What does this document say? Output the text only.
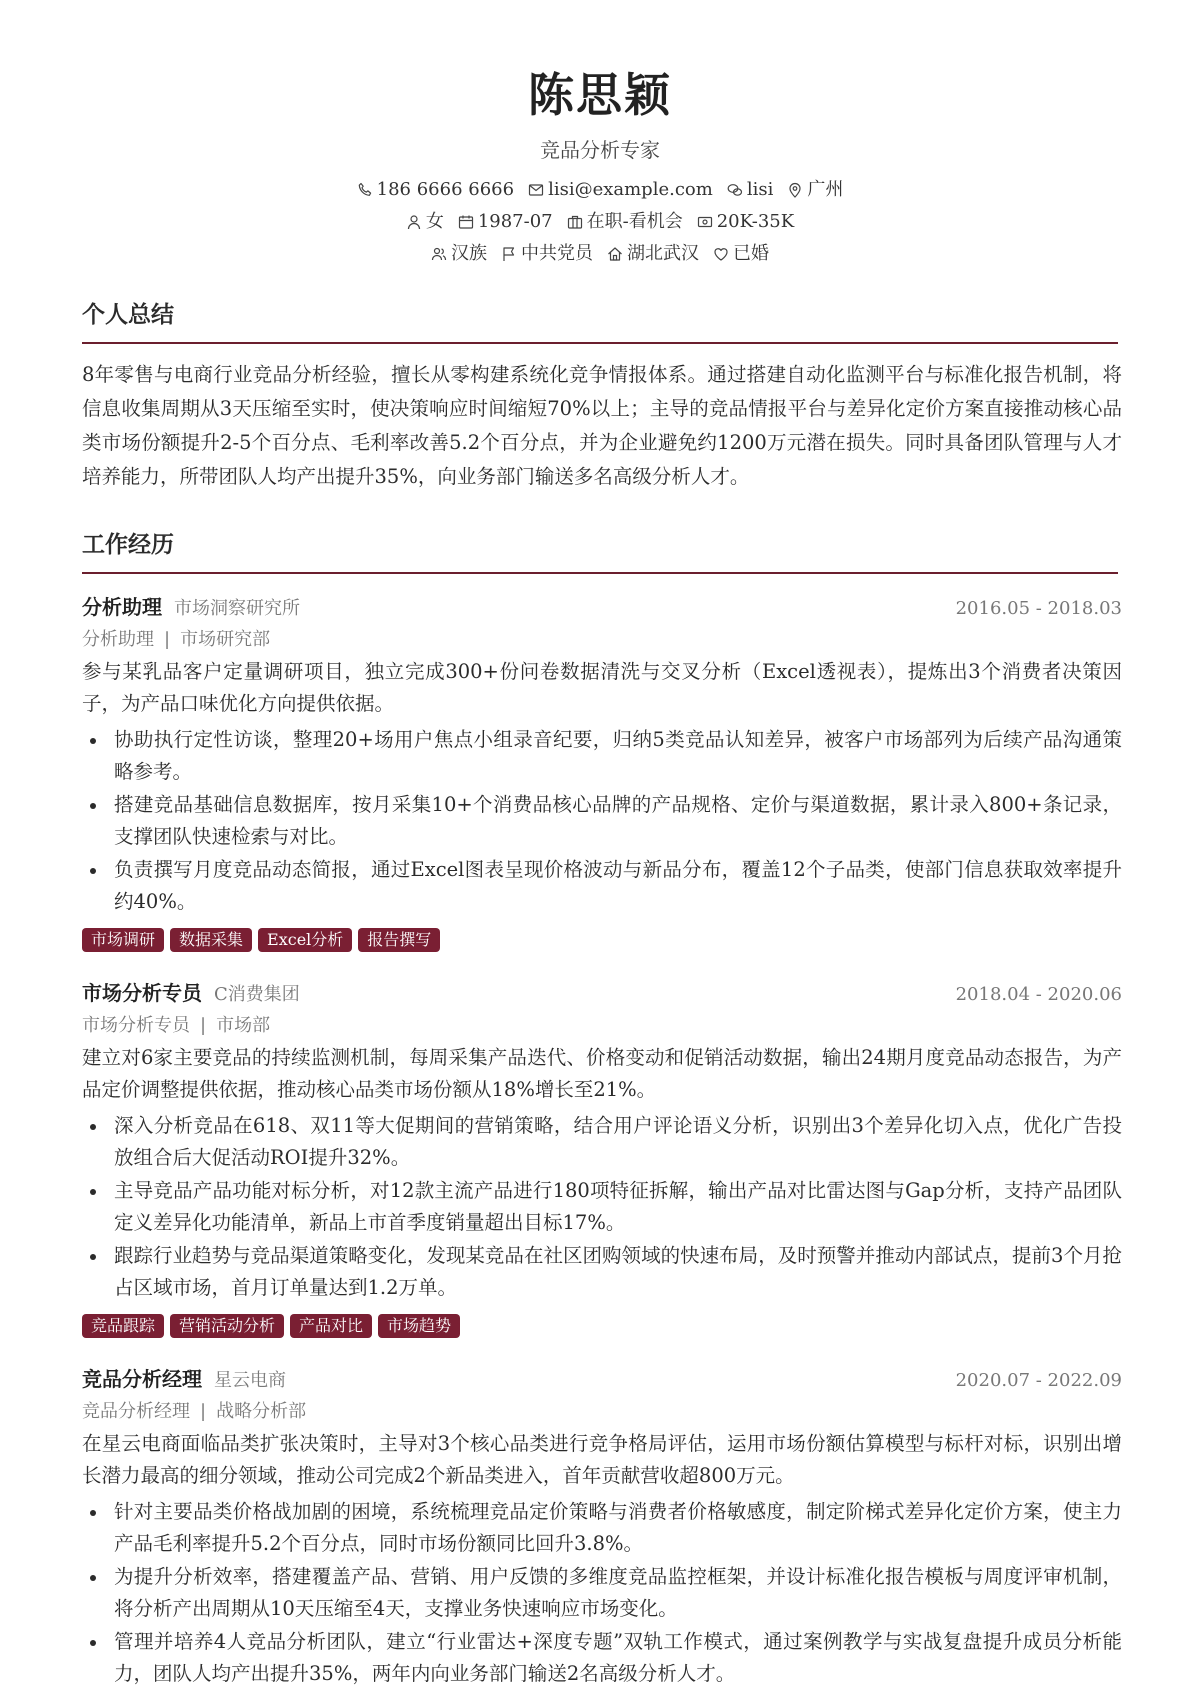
陈思颖
竞品分析专家
186 6666 6666 lisi@example.com lisi 广州
女 1987-07 在职-看机会 20K-35K
汉族 中共党员 湖北武汉 已婚
个人总结
8年零售与电商行业竞品分析经验，擅长从零构建系统化竞争情报体系。通过搭建自动化监测平台与标准化报告机制，将信息收集周期从3天压缩至实时，使决策响应时间缩短70%以上；主导的竞品情报平台与差异化定价方案直接推动核心品类市场份额提升2-5个百分点、毛利率改善5.2个百分点，并为企业避免约1200万元潜在损失。同时具备团队管理与人才培养能力，所带团队人均产出提升35%，向业务部门输送多名高级分析人才。
工作经历
分析助理 市场洞察研究所	2016.05 - 2018.03
分析助理 | 市场研究部
参与某乳品客户定量调研项目，独立完成300+份问卷数据清洗与交叉分析（Excel透视表），提炼出3个消费者决策因子，为产品口味优化方向提供依据。
协助执行定性访谈，整理20+场用户焦点小组录音纪要，归纳5类竞品认知差异，被客户市场部列为后续产品沟通策略参考。
搭建竞品基础信息数据库，按月采集10+个消费品核心品牌的产品规格、定价与渠道数据，累计录入800+条记录，支撑团队快速检索与对比。
负责撰写月度竞品动态简报，通过Excel图表呈现价格波动与新品分布，覆盖12个子品类，使部门信息获取效率提升约40%。
市场调研	数据采集	Excel分析	报告撰写
市场分析专员 C消费集团	2018.04 - 2020.06
市场分析专员 | 市场部
建立对6家主要竞品的持续监测机制，每周采集产品迭代、价格变动和促销活动数据，输出24期月度竞品动态报告，为产品定价调整提供依据，推动核心品类市场份额从18%增长至21%。
深入分析竞品在618、双11等大促期间的营销策略，结合用户评论语义分析，识别出3个差异化切入点，优化广告投放组合后大促活动ROI提升32%。
主导竞品产品功能对标分析，对12款主流产品进行180项特征拆解，输出产品对比雷达图与Gap分析，支持产品团队定义差异化功能清单，新品上市首季度销量超出目标17%。
跟踪行业趋势与竞品渠道策略变化，发现某竞品在社区团购领域的快速布局，及时预警并推动内部试点，提前3个月抢占区域市场，首月订单量达到1.2万单。
竞品跟踪	营销活动分析	产品对比	市场趋势
竞品分析经理 星云电商	2020.07 - 2022.09
竞品分析经理 | 战略分析部
在星云电商面临品类扩张决策时，主导对3个核心品类进行竞争格局评估，运用市场份额估算模型与标杆对标，识别出增长潜力最高的细分领域，推动公司完成2个新品类进入，首年贡献营收超800万元。
针对主要品类价格战加剧的困境，系统梳理竞品定价策略与消费者价格敏感度，制定阶梯式差异化定价方案，使主力产品毛利率提升5.2个百分点，同时市场份额同比回升3.8%。
为提升分析效率，搭建覆盖产品、营销、用户反馈的多维度竞品监控框架，并设计标准化报告模板与周度评审机制，将分析产出周期从10天压缩至4天，支撑业务快速响应市场变化。
管理并培养4人竞品分析团队，建立“行业雷达+深度专题”双轨工作模式，通过案例教学与实战复盘提升成员分析能力，团队人均产出提升35%，两年内向业务部门输送2名高级分析人才。
